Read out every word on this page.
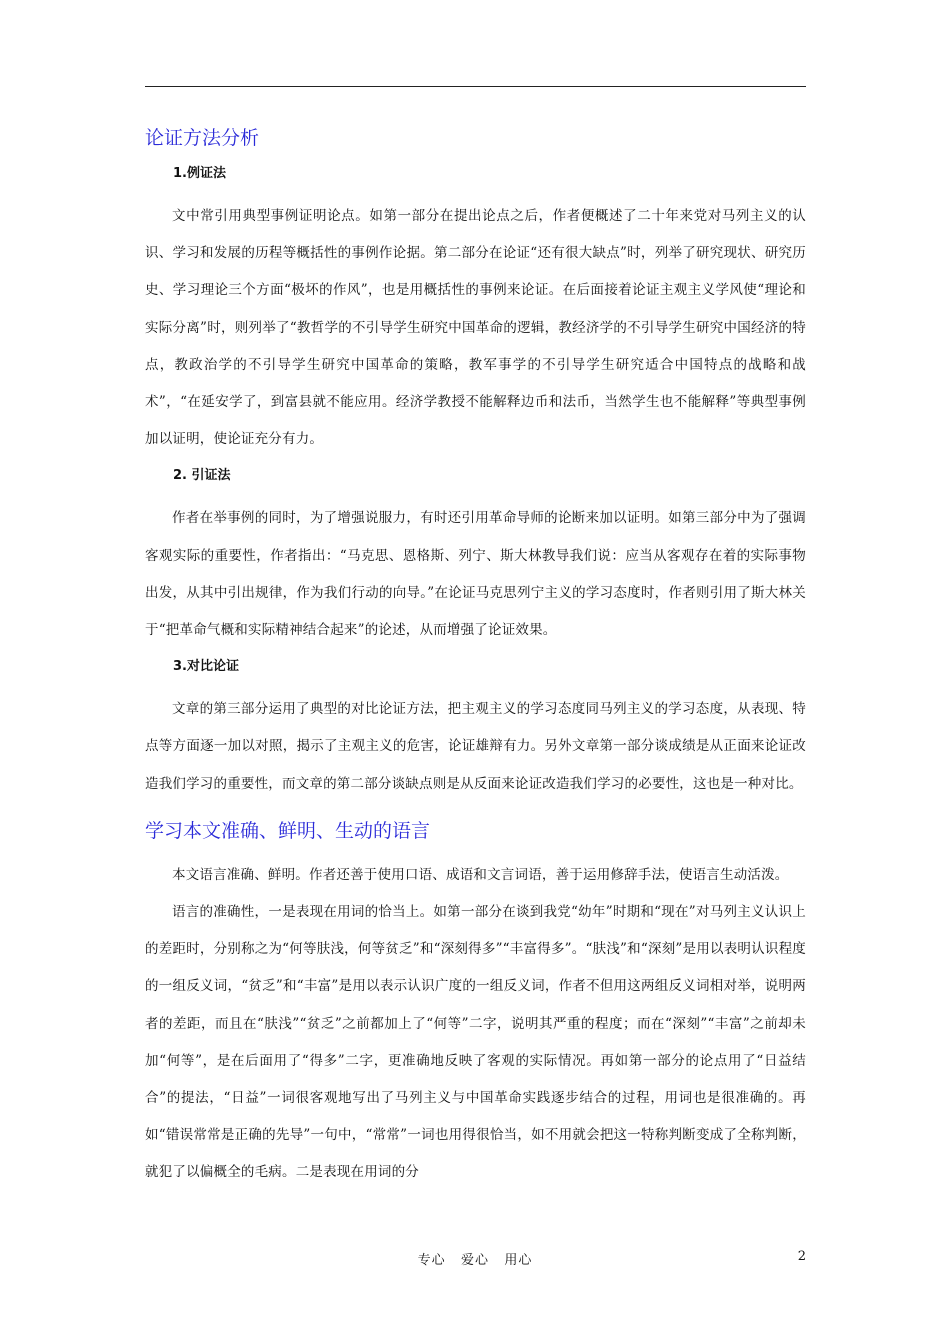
论证方法分析
1.例证法

文中常引用典型事例证明论点。如第一部分在提出论点之后，作者便概述了二十年来党对马列主义的认识、学习和发展的历程等概括性的事例作论据。第二部分在论证“还有很大缺点”时，列举了研究现状、研究历史、学习理论三个方面“极坏的作风”，也是用概括性的事例来论证。在后面接着论证主观主义学风使“理论和实际分离”时，则列举了“教哲学的不引导学生研究中国革命的逻辑，教经济学的不引导学生研究中国经济的特点，教政治学的不引导学生研究中国革命的策略，教军事学的不引导学生研究适合中国特点的战略和战术”，“在延安学了，到富县就不能应用。经济学教授不能解释边币和法币，当然学生也不能解释”等典型事例加以证明，使论证充分有力。

2. 引证法

作者在举事例的同时，为了增强说服力，有时还引用革命导师的论断来加以证明。如第三部分中为了强调客观实际的重要性，作者指出：“马克思、恩格斯、列宁、斯大林教导我们说：应当从客观存在着的实际事物出发，从其中引出规律，作为我们行动的向导。”在论证马克思列宁主义的学习态度时，作者则引用了斯大林关于“把革命气概和实际精神结合起来”的论述，从而增强了论证效果。

3.对比论证

文章的第三部分运用了典型的对比论证方法，把主观主义的学习态度同马列主义的学习态度，从表现、特点等方面逐一加以对照，揭示了主观主义的危害，论证雄辩有力。另外文章第一部分谈成绩是从正面来论证改造我们学习的重要性，而文章的第二部分谈缺点则是从反面来论证改造我们学习的必要性，这也是一种对比。

学习本文准确、鲜明、生动的语言

本文语言准确、鲜明。作者还善于使用口语、成语和文言词语，善于运用修辞手法，使语言生动活泼。

语言的准确性，一是表现在用词的恰当上。如第一部分在谈到我党“幼年”时期和“现在”对马列主义认识上的差距时，分别称之为“何等肤浅，何等贫乏”和“深刻得多”“丰富得多”。“肤浅”和“深刻”是用以表明认识程度的一组反义词，“贫乏”和“丰富”是用以表示认识广度的一组反义词，作者不但用这两组反义词相对举，说明两者的差距，而且在“肤浅”“贫乏”之前都加上了“何等”二字，说明其严重的程度；而在“深刻”“丰富”之前却未加“何等”，是在后面用了“得多”二字，更准确地反映了客观的实际情况。再如第一部分的论点用了“日益结合”的提法，“日益”一词很客观地写出了马列主义与中国革命实践逐步结合的过程，用词也是很准确的。再如“错误常常是正确的先导”一句中，“常常”一词也用得很恰当，如不用就会把这一特称判断变成了全称判断，就犯了以偏概全的毛病。二是表现在用词的分

专心   爱心   用心	2
